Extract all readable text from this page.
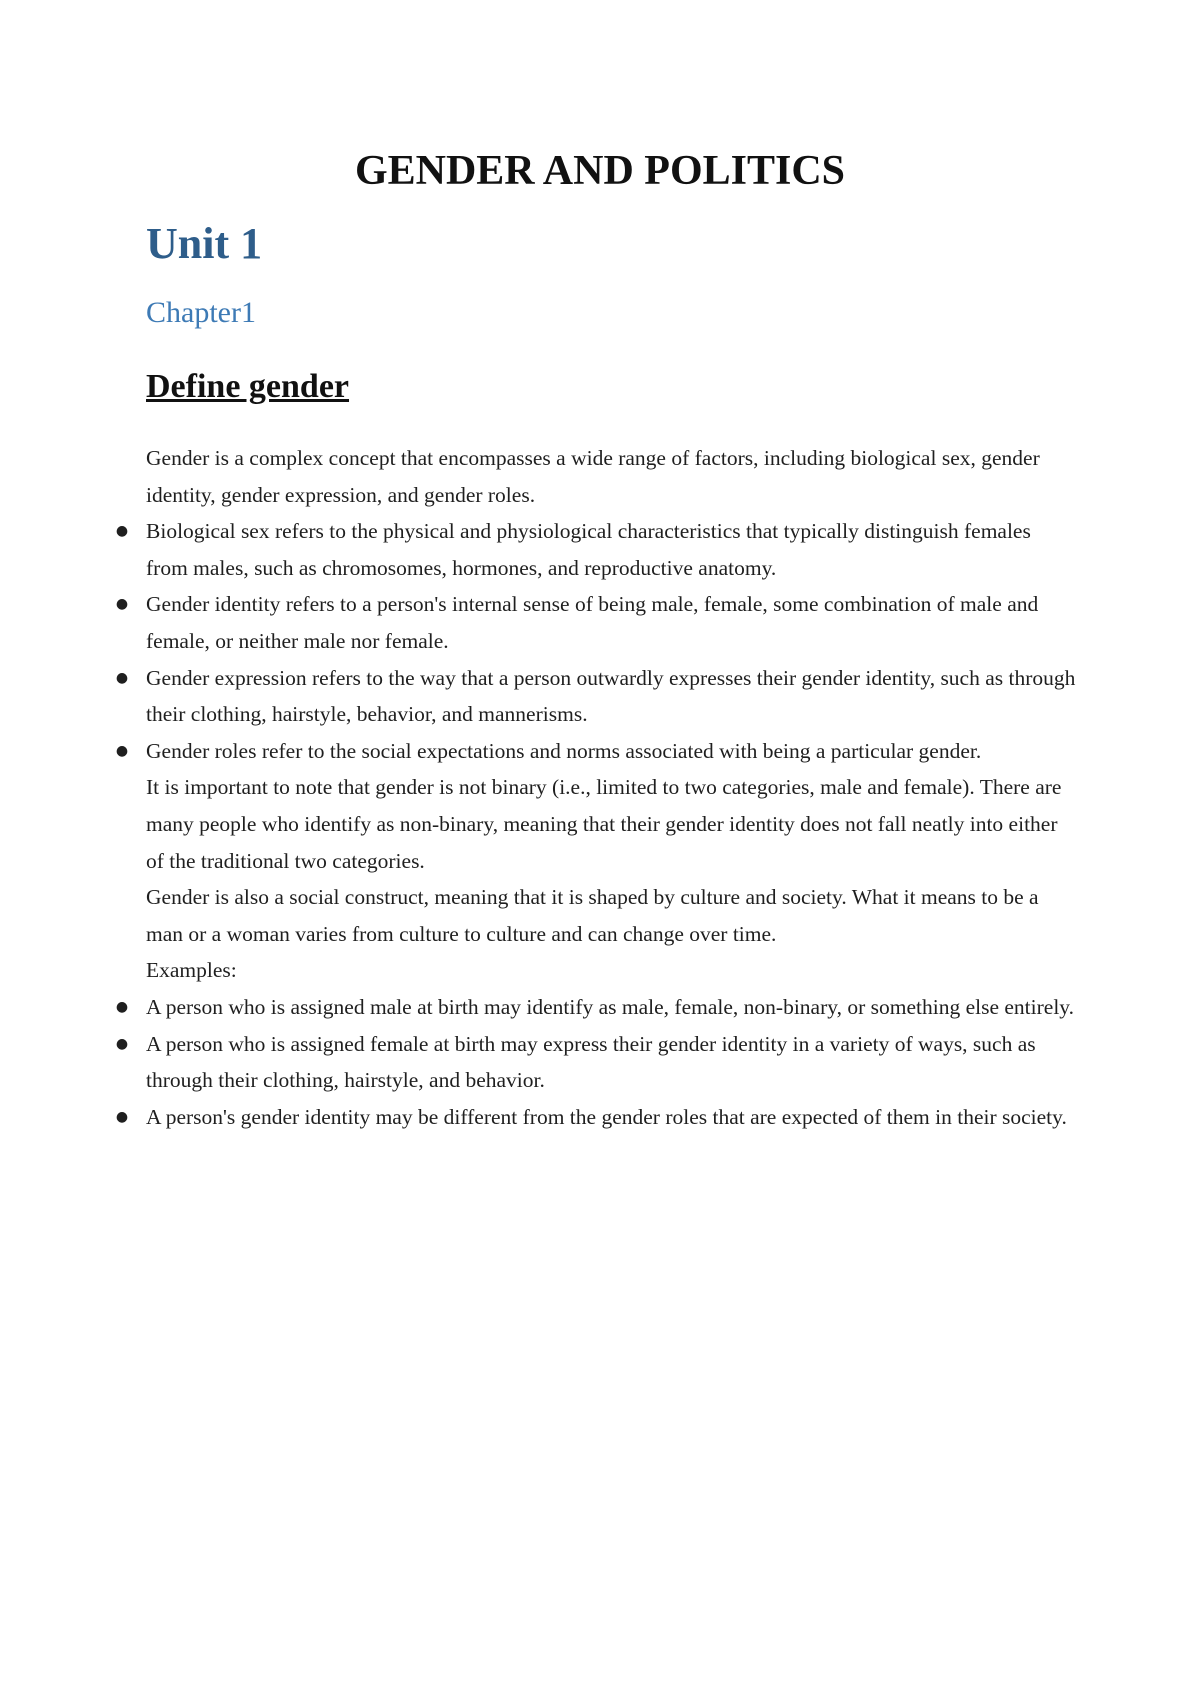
GENDER AND POLITICS
Unit 1
Chapter1
Define gender

Gender is a complex concept that encompasses a wide range of factors, including biological sex, gender identity, gender expression, and gender roles.

● Biological sex refers to the physical and physiological characteristics that typically distinguish females from males, such as chromosomes, hormones, and reproductive anatomy.
● Gender identity refers to a person's internal sense of being male, female, some combination of male and female, or neither male nor female.
● Gender expression refers to the way that a person outwardly expresses their gender identity, such as through their clothing, hairstyle, behavior, and mannerisms.
● Gender roles refer to the social expectations and norms associated with being a particular gender.

It is important to note that gender is not binary (i.e., limited to two categories, male and female). There are many people who identify as non-binary, meaning that their gender identity does not fall neatly into either of the traditional two categories.

Gender is also a social construct, meaning that it is shaped by culture and society. What it means to be a man or a woman varies from culture to culture and can change over time.

Examples:

● A person who is assigned male at birth may identify as male, female, non-binary, or something else entirely.
● A person who is assigned female at birth may express their gender identity in a variety of ways, such as through their clothing, hairstyle, and behavior.
● A person's gender identity may be different from the gender roles that are expected of them in their society.
